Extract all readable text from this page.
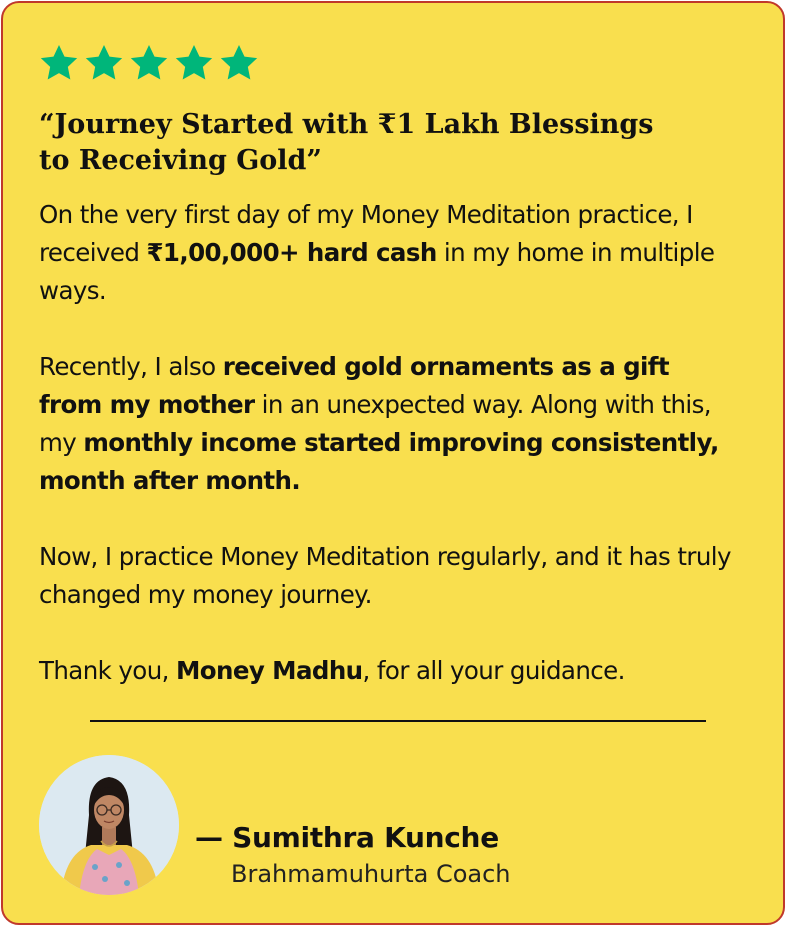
“Journey Started with ₹1 Lakh Blessings
to Receiving Gold”

On the very first day of my Money Meditation practice, I received ₹1,00,000+ hard cash in my home in multiple ways.

Recently, I also received gold ornaments as a gift from my mother in an unexpected way. Along with this, my monthly income started improving consistently, month after month.

Now, I practice Money Meditation regularly, and it has truly changed my money journey.

Thank you, Money Madhu, for all your guidance.

— Sumithra Kunche
Brahmamuhurta Coach
